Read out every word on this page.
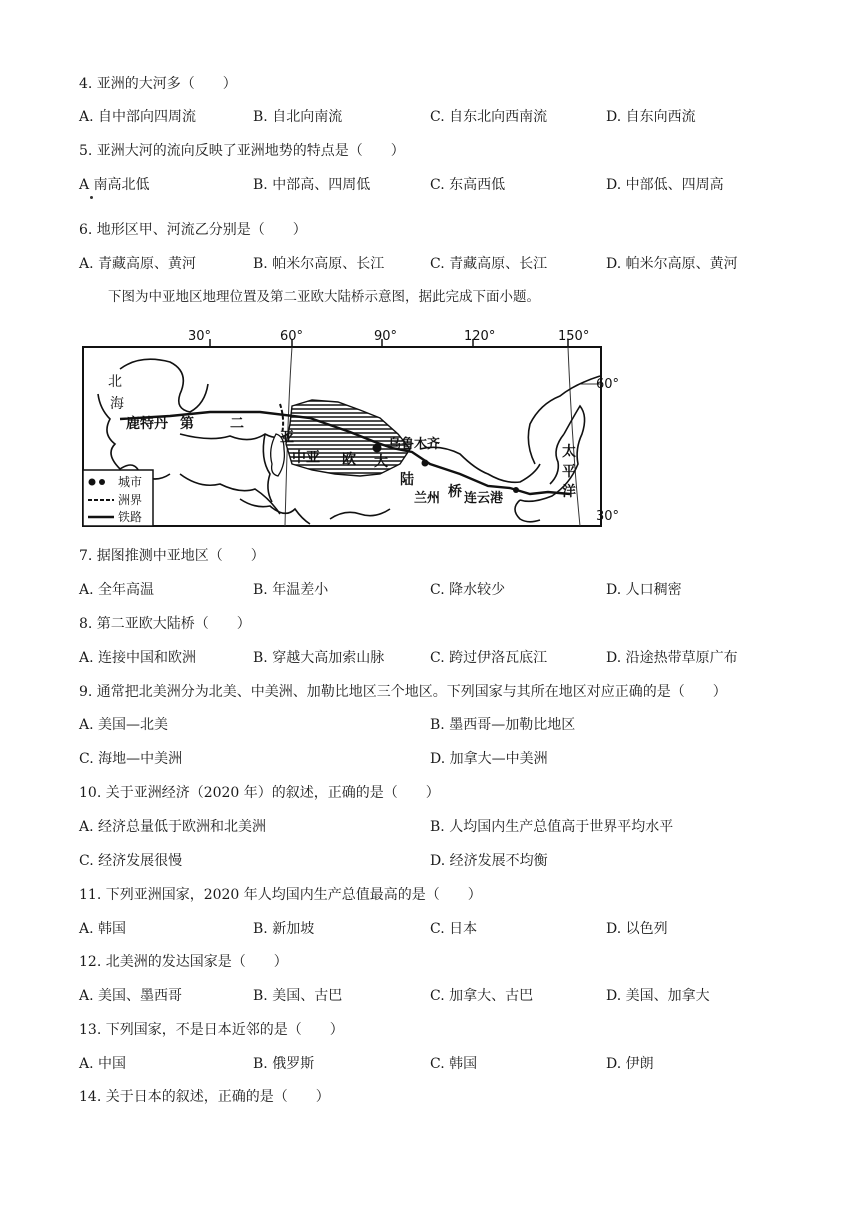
4. 亚洲的大河多（　　）
A. 自中部向四周流	B. 自北向南流	C. 自东北向西南流	D. 自东向西流
5. 亚洲大河的流向反映了亚洲地势的特点是（　　）
A 南高北低	B. 中部高、四周低	C. 东高西低	D. 中部低、四周高
6. 地形区甲、河流乙分别是（　　）
A. 青藏高原、黄河	B. 帕米尔高原、长江	C. 青藏高原、长江	D. 帕米尔高原、黄河
下图为中亚地区地理位置及第二亚欧大陆桥示意图，据此完成下面小题。
30°	60°	90°	120°	150°
60°
30°
北
海
鹿特丹 第	二
亚
中亚 欧 大
陆
桥
乌鲁木齐
兰州 连云港
太
平
洋
城市
洲界
铁路
7. 据图推测中亚地区（　　）
A. 全年高温	B. 年温差小	C. 降水较少	D. 人口稠密
8. 第二亚欧大陆桥（　　）
A. 连接中国和欧洲	B. 穿越大高加索山脉	C. 跨过伊洛瓦底江	D. 沿途热带草原广布
9. 通常把北美洲分为北美、中美洲、加勒比地区三个地区。下列国家与其所在地区对应正确的是（　　）
A. 美国—北美	B. 墨西哥—加勒比地区
C. 海地—中美洲	D. 加拿大—中美洲
10. 关于亚洲经济（2020 年）的叙述，正确的是（　　）
A. 经济总量低于欧洲和北美洲	B. 人均国内生产总值高于世界平均水平
C. 经济发展很慢	D. 经济发展不均衡
11. 下列亚洲国家，2020 年人均国内生产总值最高的是（　　）
A. 韩国	B. 新加坡	C. 日本	D. 以色列
12. 北美洲的发达国家是（　　）
A. 美国、墨西哥	B. 美国、古巴	C. 加拿大、古巴	D. 美国、加拿大
13. 下列国家，不是日本近邻的是（　　）
A. 中国	B. 俄罗斯	C. 韩国	D. 伊朗
14. 关于日本的叙述，正确的是（　　）
